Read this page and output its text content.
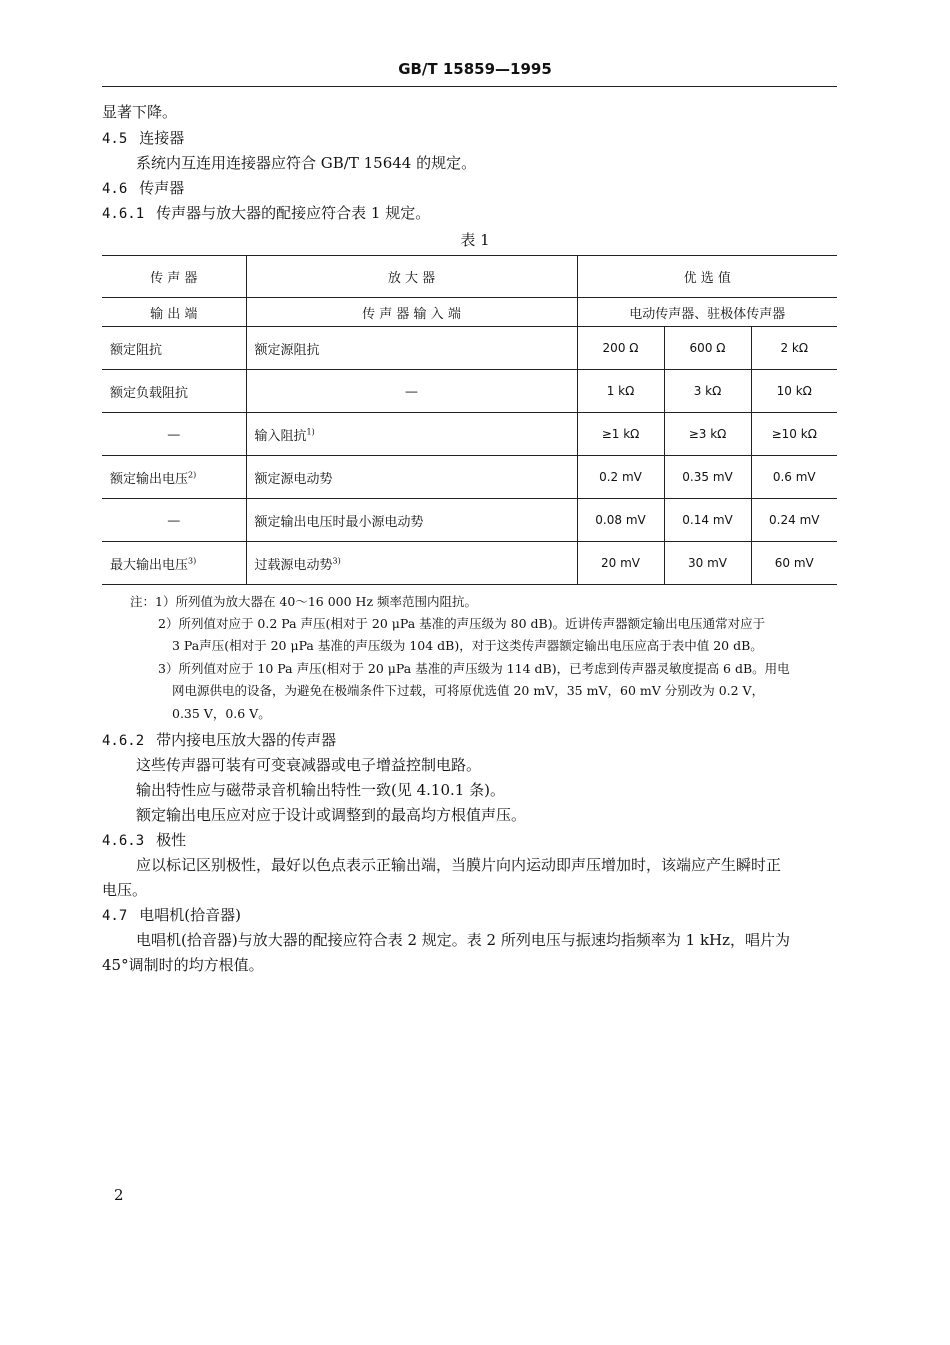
GB/T 15859—1995
显著下降。
4.5 连接器
系统内互连用连接器应符合 GB/T 15644 的规定。
4.6 传声器
4.6.1 传声器与放大器的配接应符合表 1 规定。
表 1
传 声 器	放 大 器	优 选 值		
输 出 端	传 声 器 输 入 端	电动传声器、驻极体传声器		
额定阻抗	额定源阻抗	200 Ω	600 Ω	2 kΩ
额定负载阻抗	—	1 kΩ	3 kΩ	10 kΩ
—	输入阻抗$^{1)}$	≥1 kΩ	≥3 kΩ	≥10 kΩ
额定输出电压$^{2)}$	额定源电动势	0.2 mV	0.35 mV	0.6 mV
—	额定输出电压时最小源电动势	0.08 mV	0.14 mV	0.24 mV
最大输出电压$^{3)}$	过载源电动势$^{3)}$	20 mV	30 mV	60 mV
注：1）所列值为放大器在 40～16 000 Hz 频率范围内阻抗。
2）所列值对应于 0.2 Pa 声压(相对于 20 μPa 基准的声压级为 80 dB)。近讲传声器额定输出电压通常对应于
3 Pa声压(相对于 20 μPa 基准的声压级为 104 dB)，对于这类传声器额定输出电压应高于表中值 20 dB。
3）所列值对应于 10 Pa 声压(相对于 20 μPa 基准的声压级为 114 dB)，已考虑到传声器灵敏度提高 6 dB。用电
网电源供电的设备，为避免在极端条件下过载，可将原优选值 20 mV，35 mV，60 mV 分别改为 0.2 V，
0.35 V，0.6 V。
4.6.2 带内接电压放大器的传声器
这些传声器可装有可变衰减器或电子增益控制电路。
输出特性应与磁带录音机输出特性一致(见 4.10.1 条)。
额定输出电压应对应于设计或调整到的最高均方根值声压。
4.6.3 极性
应以标记区别极性，最好以色点表示正输出端，当膜片向内运动即声压增加时，该端应产生瞬时正
电压。
4.7 电唱机(拾音器)
电唱机(拾音器)与放大器的配接应符合表 2 规定。表 2 所列电压与振速均指频率为 1 kHz，唱片为
45°调制时的均方根值。
2
